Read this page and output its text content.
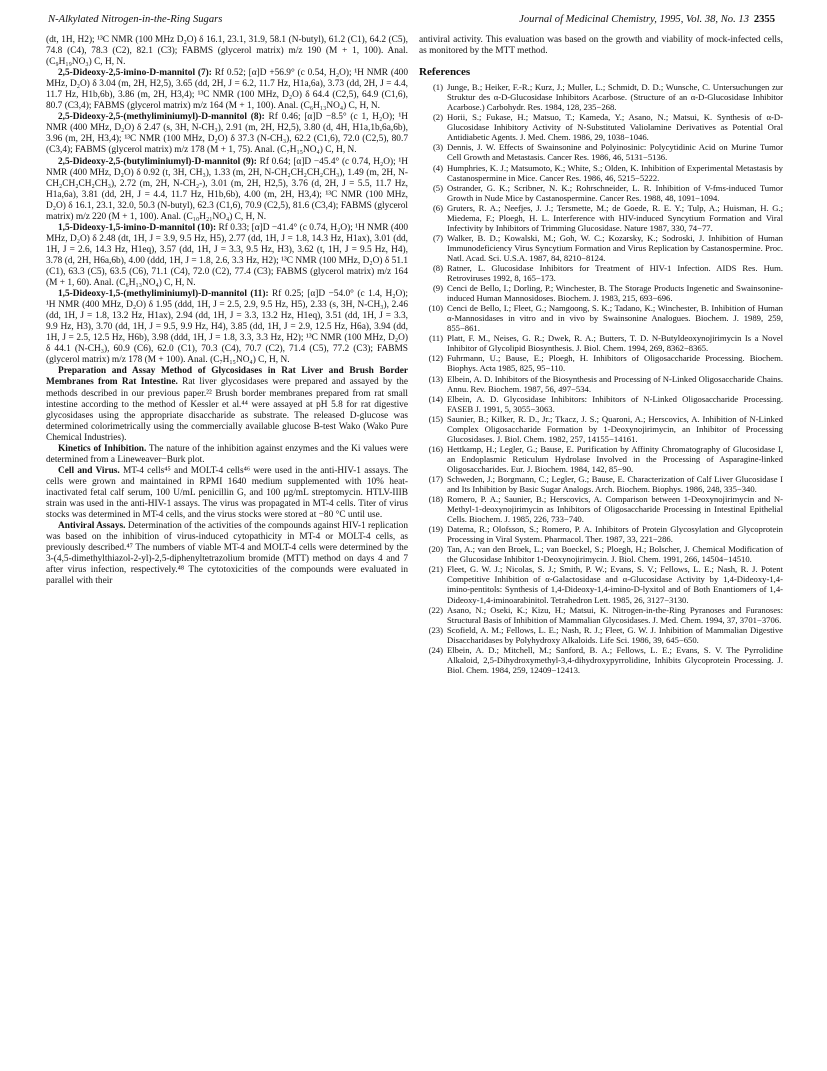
N-Alkylated Nitrogen-in-the-Ring Sugars	Journal of Medicinal Chemistry, 1995, Vol. 38, No. 13 2355

(dt, 1H, H2); ¹³C NMR (100 MHz D₂O) δ 16.1, 23.1, 31.9, 58.1 (N-butyl), 61.2 (C1), 64.2 (C5), 74.8 (C4), 78.3 (C2), 82.1 (C3); FABMS (glycerol matrix) m/z 190 (M + 1, 100). Anal. (C₉H₁₉NO₃) C, H, N.

2,5-Dideoxy-2,5-imino-D-mannitol (7): Rf 0.52; [α]D +56.9° (c 0.54, H₂O); ¹H NMR (400 MHz, D₂O) δ 3.04 (m, 2H, H2,5), 3.65 (dd, 2H, J = 6.2, 11.7 Hz, H1a,6a), 3.73 (dd, 2H, J = 4.4, 11.7 Hz, H1b,6b), 3.86 (m, 2H, H3,4); ¹³C NMR (100 MHz, D₂O) δ 64.4 (C2,5), 64.9 (C1,6), 80.7 (C3,4); FABMS (glycerol matrix) m/z 164 (M + 1, 100). Anal. (C₆H₁₃NO₄) C, H, N.

2,5-Dideoxy-2,5-(methyliminiumyl)-D-mannitol (8): Rf 0.46; [α]D −8.5° (c 1, H₂O); ¹H NMR (400 MHz, D₂O) δ 2.47 (s, 3H, N-CH₃), 2.91 (m, 2H, H2,5), 3.80 (d, 4H, H1a,1b,6a,6b), 3.96 (m, 2H, H3,4); ¹³C NMR (100 MHz, D₂O) δ 37.3 (N-CH₃), 62.2 (C1,6), 72.0 (C2,5), 80.7 (C3,4); FABMS (glycerol matrix) m/z 178 (M + 1, 75). Anal. (C₇H₁₅NO₄) C, H, N.

2,5-Dideoxy-2,5-(butyliminiumyl)-D-mannitol (9): Rf 0.64; [α]D −45.4° (c 0.74, H₂O); ¹H NMR (400 MHz, D₂O) δ 0.92 (t, 3H, CH₃), 1.33 (m, 2H, N-CH₂CH₂CH₂CH₃), 1.49 (m, 2H, N-CH₂CH₂CH₂CH₃), 2.72 (m, 2H, N-CH₂-), 3.01 (m, 2H, H2,5), 3.76 (d, 2H, J = 5.5, 11.7 Hz, H1a,6a), 3.81 (dd, 2H, J = 4.4, 11.7 Hz, H1b,6b), 4.00 (m, 2H, H3,4); ¹³C NMR (100 MHz, D₂O) δ 16.1, 23.1, 32.0, 50.3 (N-butyl), 62.3 (C1,6), 70.9 (C2,5), 81.6 (C3,4); FABMS (glycerol matrix) m/z 220 (M + 1, 100). Anal. (C₁₀H₂₁NO₄) C, H, N.

1,5-Dideoxy-1,5-imino-D-mannitol (10): Rf 0.33; [α]D −41.4° (c 0.74, H₂O); ¹H NMR (400 MHz, D₂O) δ 2.48 (dt, 1H, J = 3.9, 9.5 Hz, H5), 2.77 (dd, 1H, J = 1.8, 14.3 Hz, H1ax), 3.01 (dd, 1H, J = 2.6, 14.3 Hz, H1eq), 3.57 (dd, 1H, J = 3.3, 9.5 Hz, H3), 3.62 (t, 1H, J = 9.5 Hz, H4), 3.78 (d, 2H, H6a,6b), 4.00 (ddd, 1H, J = 1.8, 2.6, 3.3 Hz, H2); ¹³C NMR (100 MHz, D₂O) δ 51.1 (C1), 63.3 (C5), 63.5 (C6), 71.1 (C4), 72.0 (C2), 77.4 (C3); FABMS (glycerol matrix) m/z 164 (M + 1, 60). Anal. (C₆H₁₃NO₄) C, H, N.

1,5-Dideoxy-1,5-(methyliminiumyl)-D-mannitol (11): Rf 0.25; [α]D −54.0° (c 1.4, H₂O); ¹H NMR (400 MHz, D₂O) δ 1.95 (ddd, 1H, J = 2.5, 2.9, 9.5 Hz, H5), 2.33 (s, 3H, N-CH₃), 2.46 (dd, 1H, J = 1.8, 13.2 Hz, H1ax), 2.94 (dd, 1H, J = 3.3, 13.2 Hz, H1eq), 3.51 (dd, 1H, J = 3.3, 9.9 Hz, H3), 3.70 (dd, 1H, J = 9.5, 9.9 Hz, H4), 3.85 (dd, 1H, J = 2.9, 12.5 Hz, H6a), 3.94 (dd, 1H, J = 2.5, 12.5 Hz, H6b), 3.98 (ddd, 1H, J = 1.8, 3.3, 3.3 Hz, H2); ¹³C NMR (100 MHz, D₂O) δ 44.1 (N-CH₃), 60.9 (C6), 62.0 (C1), 70.3 (C4), 70.7 (C2), 71.4 (C5), 77.2 (C3); FABMS (glycerol matrix) m/z 178 (M + 100). Anal. (C₇H₁₅NO₄) C, H, N.

Preparation and Assay Method of Glycosidases in Rat Liver and Brush Border Membranes from Rat Intestine. Rat liver glycosidases were prepared and assayed by the methods described in our previous paper.²² Brush border membranes prepared from rat small intestine according to the method of Kessler et al.⁴⁴ were assayed at pH 5.8 for rat digestive glycosidases using the appropriate disaccharide as substrate. The released D-glucose was determined colorimetrically using the commercially available glucose B-test Wako (Wako Pure Chemical Industries).

Kinetics of Inhibition. The nature of the inhibition against enzymes and the Ki values were determined from a Lineweaver−Burk plot.

Cell and Virus. MT-4 cells⁴⁵ and MOLT-4 cells⁴⁶ were used in the anti-HIV-1 assays. The cells were grown and maintained in RPMI 1640 medium supplemented with 10% heat-inactivated fetal calf serum, 100 U/mL penicillin G, and 100 μg/mL streptomycin. HTLV-IIIB strain was used in the anti-HIV-1 assays. The virus was propagated in MT-4 cells. Titer of virus stocks was determined in MT-4 cells, and the virus stocks were stored at −80 °C until use.

Antiviral Assays. Determination of the activities of the compounds against HIV-1 replication was based on the inhibition of virus-induced cytopathicity in MT-4 or MOLT-4 cells, as previously described.⁴⁷ The numbers of viable MT-4 and MOLT-4 cells were determined by the 3-(4,5-dimethylthiazol-2-yl)-2,5-diphenyltetrazolium bromide (MTT) method on days 4 and 7 after virus infection, respectively.⁴⁸ The cytotoxicities of the compounds were evaluated in parallel with their

antiviral activity. This evaluation was based on the growth and viability of mock-infected cells, as monitored by the MTT method.

References
(1) Junge, B.; Heiker, F.-R.; Kurz, J.; Muller, L.; Schmidt, D. D.; Wunsche, C. Untersuchungen zur Struktur des α-D-Glucosidase Inhibitors Acarbose. (Structure of an α-D-Glucosidase Inhibitor Acarbose.) Carbohydr. Res. 1984, 128, 235−268.
(2) Horii, S.; Fukase, H.; Matsuo, T.; Kameda, Y.; Asano, N.; Matsui, K. Synthesis of α-D-Glucosidase Inhibitory Activity of N-Substituted Valiolamine Derivatives as Potential Oral Antidiabetic Agents. J. Med. Chem. 1986, 29, 1038−1046.
(3) Dennis, J. W. Effects of Swainsonine and Polyinosinic: Polycytidinic Acid on Murine Tumor Cell Growth and Metastasis. Cancer Res. 1986, 46, 5131−5136.
(4) Humphries, K. J.; Matsumoto, K.; White, S.; Olden, K. Inhibition of Experimental Metastasis by Castanospermine in Mice. Cancer Res. 1986, 46, 5215−5222.
(5) Ostrander, G. K.; Scribner, N. K.; Rohrschneider, L. R. Inhibition of V-fms-induced Tumor Growth in Nude Mice by Castanospermine. Cancer Res. 1988, 48, 1091−1094.
(6) Gruters, R. A.; Neefjes, J. J.; Tersmette, M.; de Goede, R. E. Y.; Tulp, A.; Huisman, H. G.; Miedema, F.; Ploegh, H. L. Interference with HIV-induced Syncytium Formation and Viral Infectivity by Inhibitors of Trimming Glucosidase. Nature 1987, 330, 74−77.
(7) Walker, B. D.; Kowalski, M.; Goh, W. C.; Kozarsky, K.; Sodroski, J. Inhibition of Human Immunodeficiency Virus Syncytium Formation and Virus Replication by Castanospermine. Proc. Natl. Acad. Sci. U.S.A. 1987, 84, 8210−8124.
(8) Ratner, L. Glucosidase Inhibitors for Treatment of HIV-1 Infection. AIDS Res. Hum. Retroviruses 1992, 8, 165−173.
(9) Cenci de Bello, I.; Dorling, P.; Winchester, B. The Storage Products Ingenetic and Swainsonine-induced Human Mannosidoses. Biochem. J. 1983, 215, 693−696.
(10) Cenci de Bello, I.; Fleet, G.; Namgoong, S. K.; Tadano, K.; Winchester, B. Inhibition of Human α-Mannosidases in vitro and in vivo by Swainsonine Analogues. Biochem. J. 1989, 259, 855−861.
(11) Platt, F. M., Neises, G. R.; Dwek, R. A.; Butters, T. D. N-Butyldeoxynojirimycin Is a Novel Inhibitor of Glycolipid Biosynthesis. J. Biol. Chem. 1994, 269, 8362−8365.
(12) Fuhrmann, U.; Bause, E.; Ploegh, H. Inhibitors of Oligosaccharide Processing. Biochem. Biophys. Acta 1985, 825, 95−110.
(13) Elbein, A. D. Inhibitors of the Biosynthesis and Processing of N-Linked Oligosaccharide Chains. Annu. Rev. Biochem. 1987, 56, 497−534.
(14) Elbein, A. D. Glycosidase Inhibitors: Inhibitors of N-Linked Oligosaccharide Processing. FASEB J. 1991, 5, 3055−3063.
(15) Saunier, B.; Kilker, R. D., Jr.; Tkacz, J. S.; Quaroni, A.; Herscovics, A. Inhibition of N-Linked Complex Oligosaccharide Formation by 1-Deoxynojirimycin, an Inhibitor of Processing Glucosidases. J. Biol. Chem. 1982, 257, 14155−14161.
(16) Hettkamp, H.; Legler, G.; Bause, E. Purification by Affinity Chromatography of Glucosidase I, an Endoplasmic Reticulum Hydrolase Involved in the Processing of Asparagine-linked Oligosaccharides. Eur. J. Biochem. 1984, 142, 85−90.
(17) Schweden, J.; Borgmann, C.; Legler, G.; Bause, E. Characterization of Calf Liver Glucosidase I and Its Inhibition by Basic Sugar Analogs. Arch. Biochem. Biophys. 1986, 248, 335−340.
(18) Romero, P. A.; Saunier, B.; Herscovics, A. Comparison between 1-Deoxynojirimycin and N-Methyl-1-deoxynojirimycin as Inhibitors of Oligosaccharide Processing in Intestinal Epithelial Cells. Biochem. J. 1985, 226, 733−740.
(19) Datema, R.; Olofsson, S.; Romero, P. A. Inhibitors of Protein Glycosylation and Glycoprotein Processing in Viral System. Pharmacol. Ther. 1987, 33, 221−286.
(20) Tan, A.; van den Broek, L.; van Boeckel, S.; Ploegh, H.; Bolscher, J. Chemical Modification of the Glucosidase Inhibitor 1-Deoxynojirimycin. J. Biol. Chem. 1991, 266, 14504−14510.
(21) Fleet, G. W. J.; Nicolas, S. J.; Smith, P. W.; Evans, S. V.; Fellows, L. E.; Nash, R. J. Potent Competitive Inhibition of α-Galactosidase and α-Glucosidase Activity by 1,4-Dideoxy-1,4-imino-pentitols: Synthesis of 1,4-Dideoxy-1,4-imino-D-lyxitol and of Both Enantiomers of 1,4-Dideoxy-1,4-iminoarabinitol. Tetrahedron Lett. 1985, 26, 3127−3130.
(22) Asano, N.; Oseki, K.; Kizu, H.; Matsui, K. Nitrogen-in-the-Ring Pyranoses and Furanoses: Structural Basis of Inhibition of Mammalian Glycosidases. J. Med. Chem. 1994, 37, 3701−3706.
(23) Scofield, A. M.; Fellows, L. E.; Nash, R. J.; Fleet, G. W. J. Inhibition of Mammalian Digestive Disaccharidases by Polyhydroxy Alkaloids. Life Sci. 1986, 39, 645−650.
(24) Elbein, A. D.; Mitchell, M.; Sanford, B. A.; Fellows, L. E.; Evans, S. V. The Pyrrolidine Alkaloid, 2,5-Dihydroxymethyl-3,4-dihydroxypyrrolidine, Inhibits Glycoprotein Processing. J. Biol. Chem. 1984, 259, 12409−12413.
